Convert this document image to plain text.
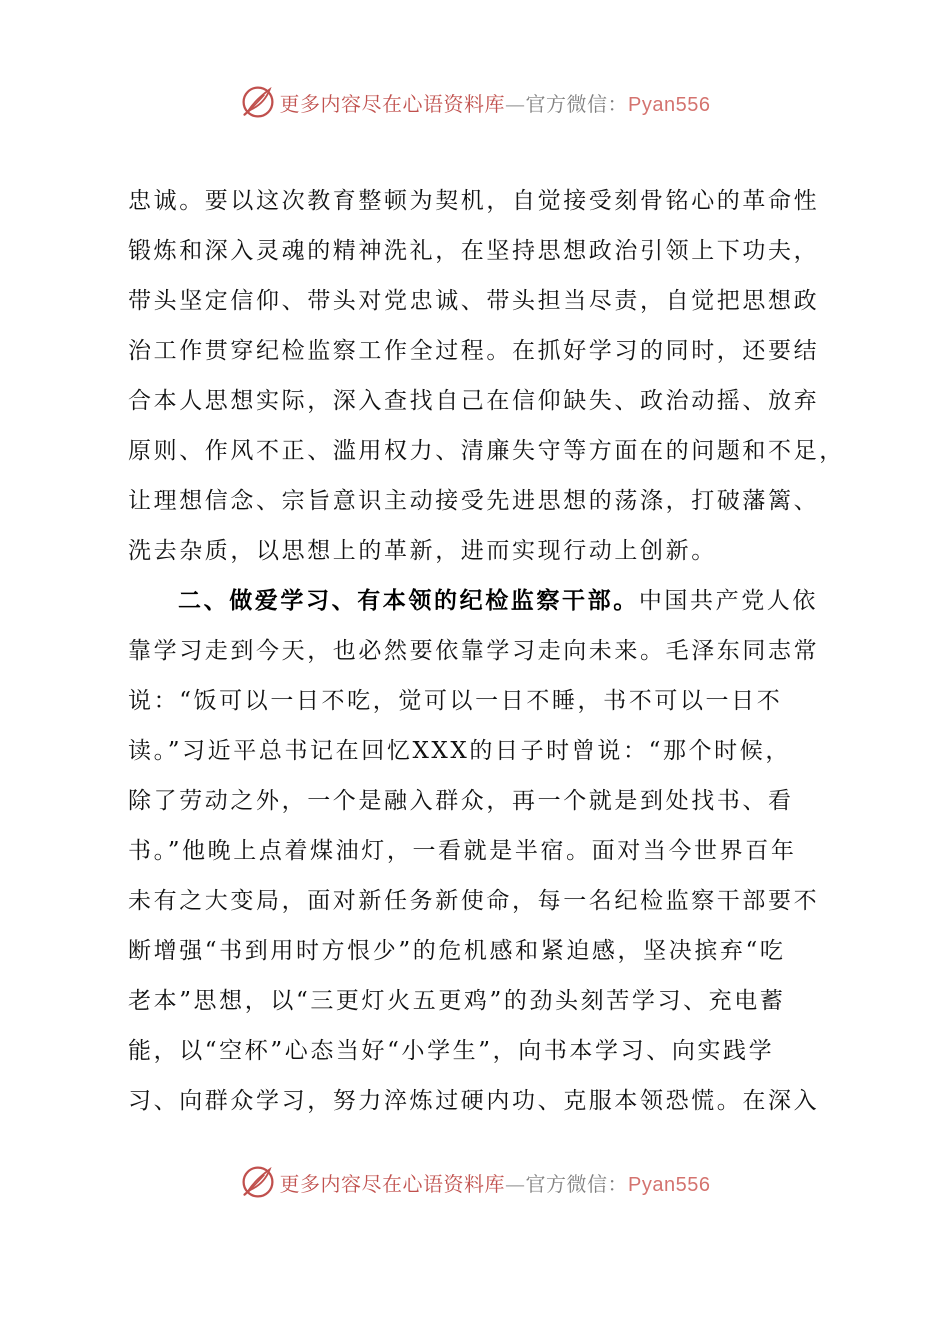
更多内容尽在心语资料库—官方微信：Pyan556
忠诚。要以这次教育整顿为契机，自觉接受刻骨铭心的革命性
锻炼和深入灵魂的精神洗礼，在坚持思想政治引领上下功夫，
带头坚定信仰、带头对党忠诚、带头担当尽责，自觉把思想政
治工作贯穿纪检监察工作全过程。在抓好学习的同时，还要结
合本人思想实际，深入查找自己在信仰缺失、政治动摇、放弃
原则、作风不正、滥用权力、清廉失守等方面在的问题和不足，
让理想信念、宗旨意识主动接受先进思想的荡涤，打破藩篱、
洗去杂质，以思想上的革新，进而实现行动上创新。
二、做爱学习、有本领的纪检监察干部。中国共产党人依
靠学习走到今天，也必然要依靠学习走向未来。毛泽东同志常
说：“饭可以一日不吃，觉可以一日不睡，书不可以一日不
读。”习近平总书记在回忆XXX的日子时曾说：“那个时候，
除了劳动之外，一个是融入群众，再一个就是到处找书、看
书。”他晚上点着煤油灯，一看就是半宿。面对当今世界百年
未有之大变局，面对新任务新使命，每一名纪检监察干部要不
断增强“书到用时方恨少”的危机感和紧迫感，坚决摈弃“吃
老本”思想，以“三更灯火五更鸡”的劲头刻苦学习、充电蓄
能，以“空杯”心态当好“小学生”，向书本学习、向实践学
习、向群众学习，努力淬炼过硬内功、克服本领恐慌。在深入
更多内容尽在心语资料库—官方微信：Pyan556
